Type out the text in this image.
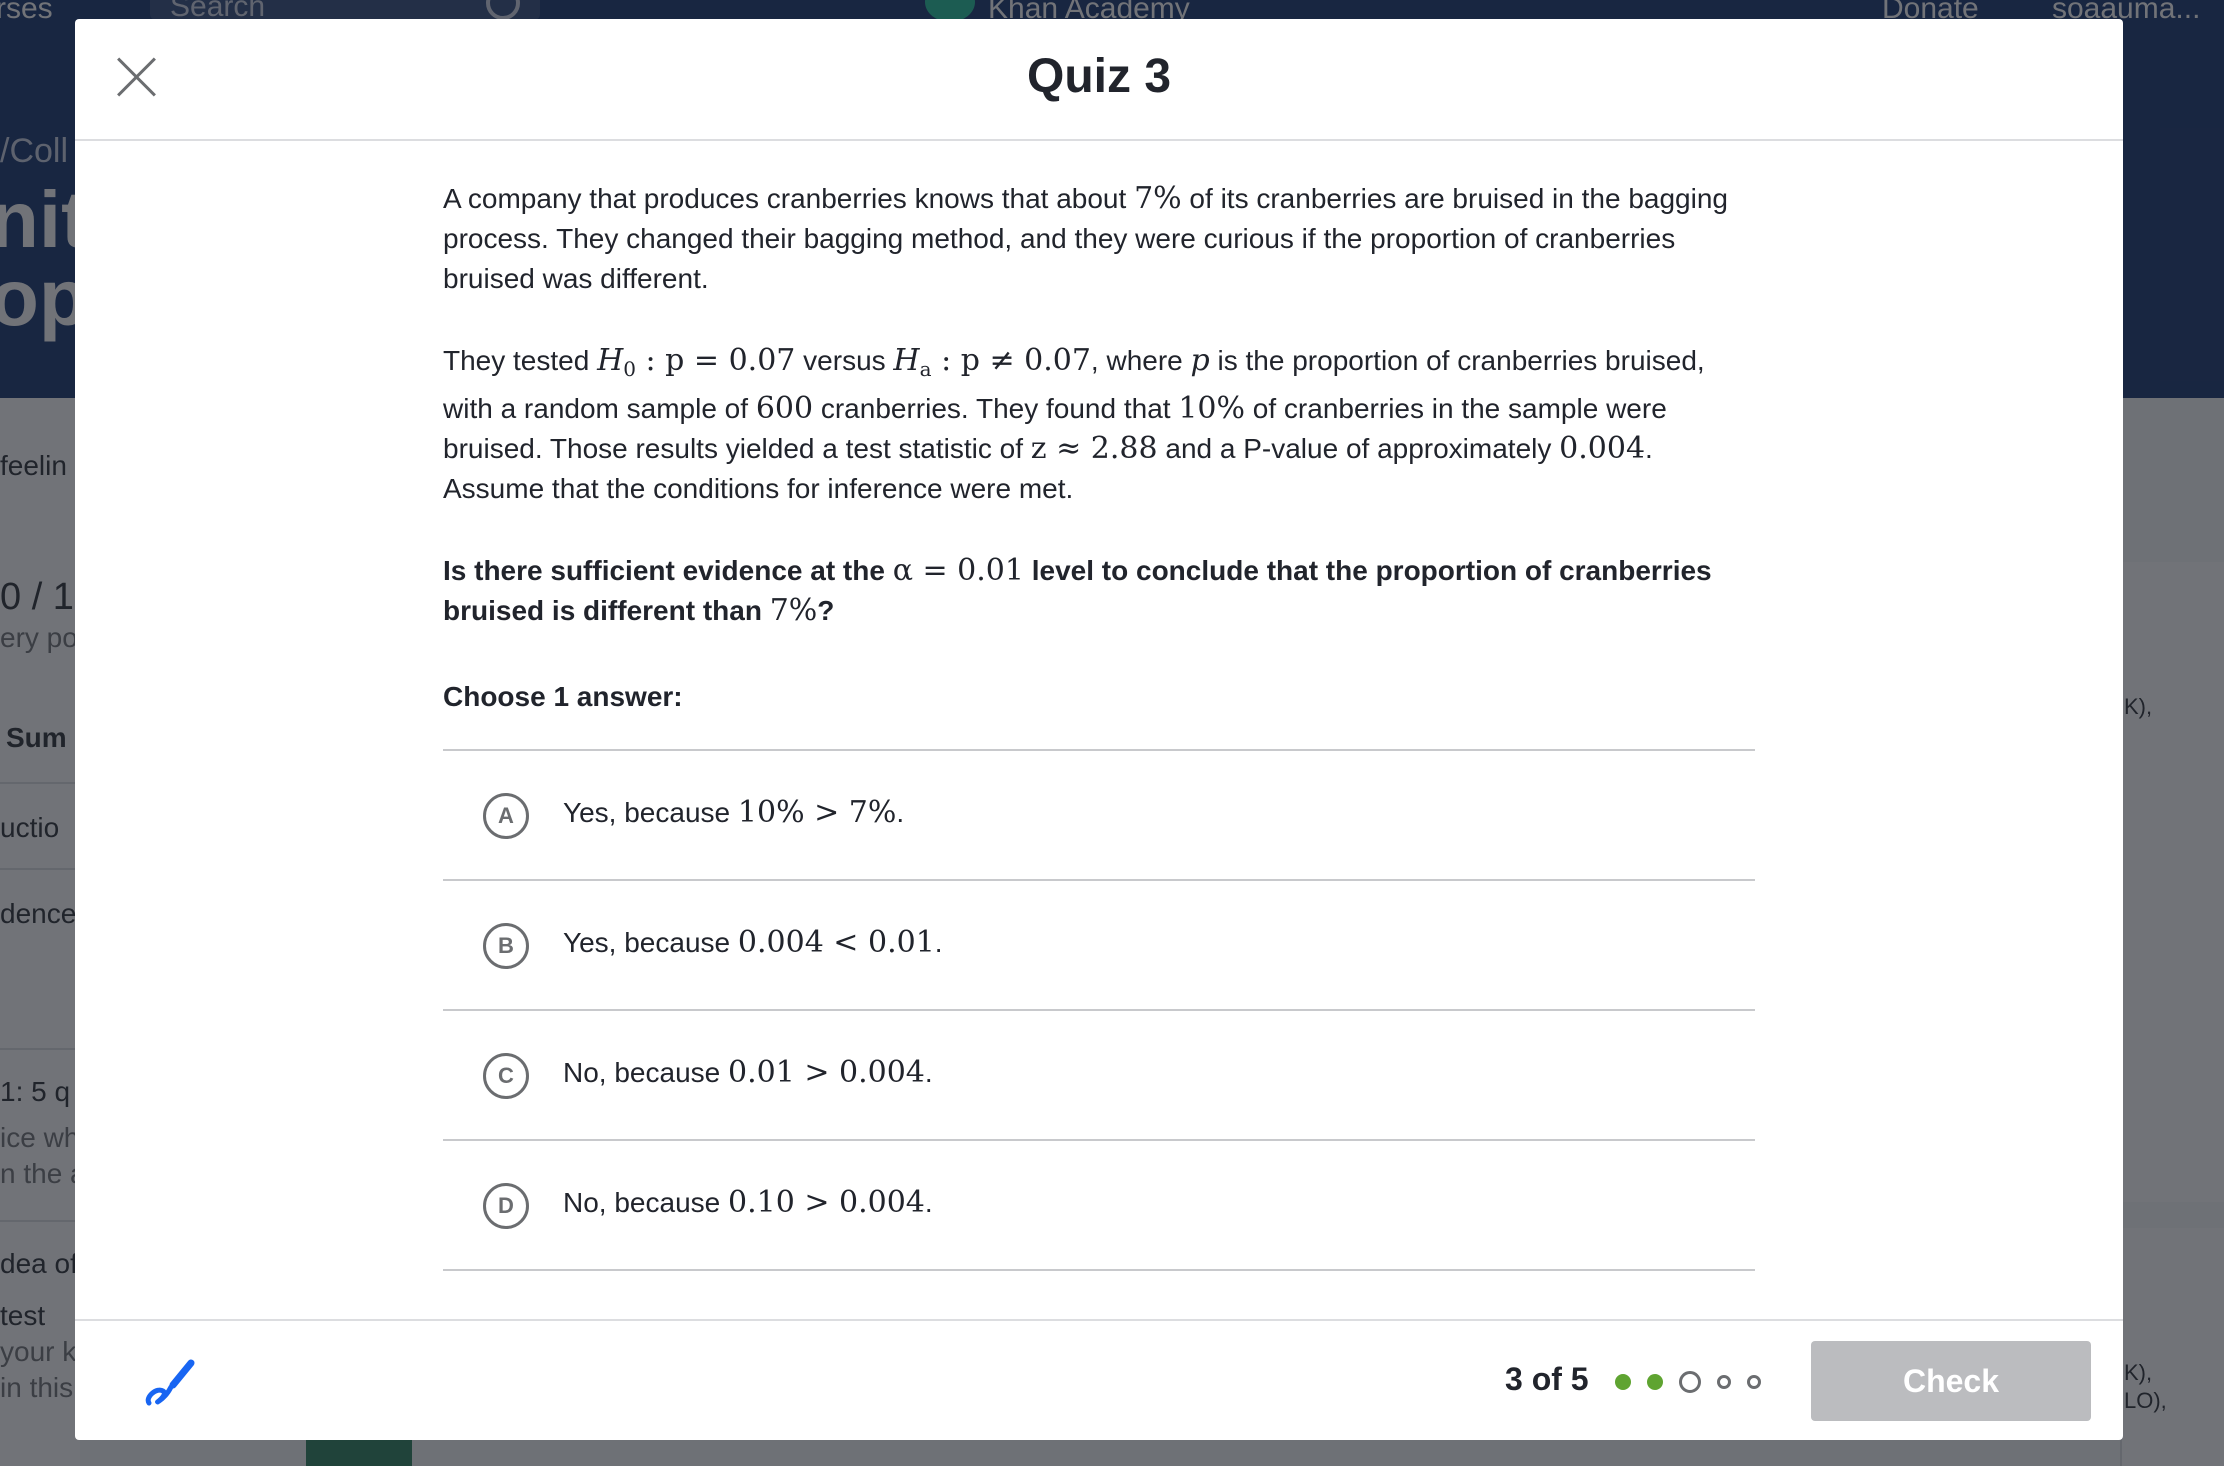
Quiz 3

A company that produces cranberries knows that about 7% of its cranberries are bruised in the bagging process. They changed their bagging method, and they were curious if the proportion of cranberries bruised was different.

They tested $H_0$ : p = 0.07 versus $H_a$ : p ≠ 0.07, where p is the proportion of cranberries bruised, with a random sample of 600 cranberries. They found that 10% of cranberries in the sample were bruised. Those results yielded a test statistic of z ≈ 2.88 and a P-value of approximately 0.004. Assume that the conditions for inference were met.

Is there sufficient evidence at the α = 0.01 level to conclude that the proportion of cranberries bruised is different than 7%?

Choose 1 answer:
A	Yes, because 10% > 7%.
B	Yes, because 0.004 < 0.01.
C	No, because 0.01 > 0.004.
D	No, because 0.10 > 0.004.
3 of 5	Check
